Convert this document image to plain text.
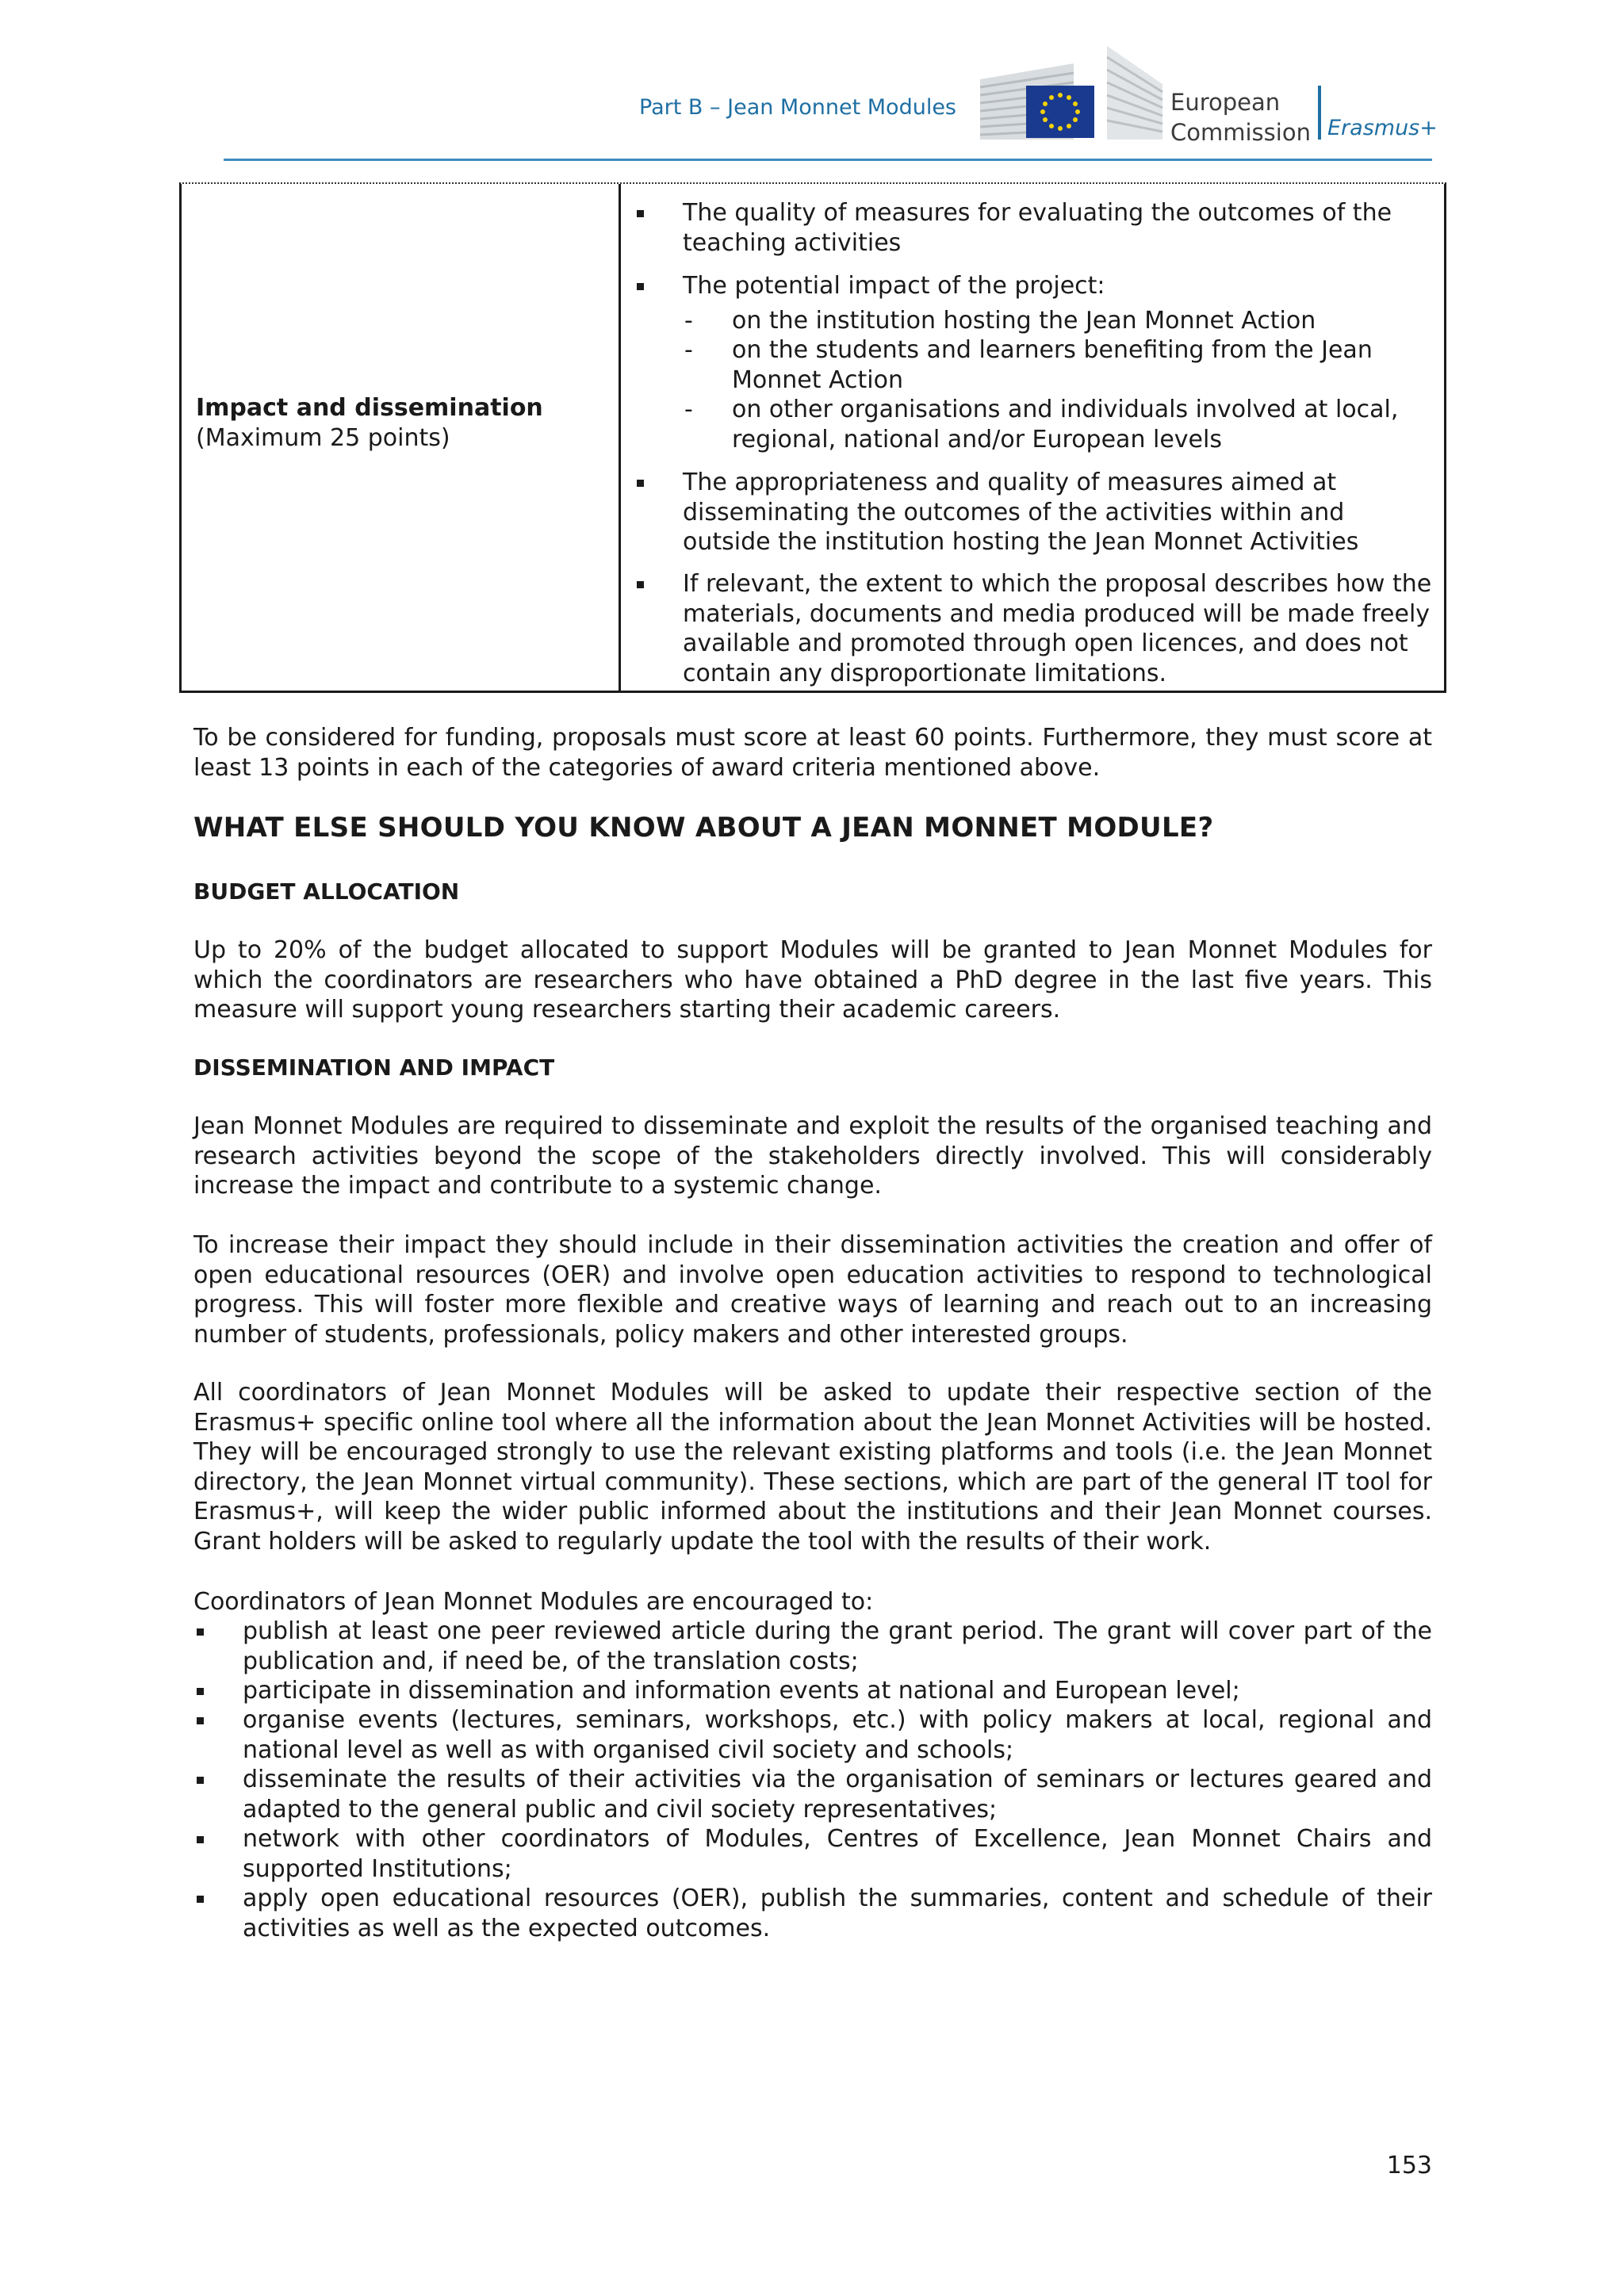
Part B – Jean Monnet Modules	European
Commission Erasmus+
Impact and dissemination
(Maximum 25 points)
The quality of measures for evaluating the outcomes of the teaching activities
The potential impact of the project:
- on the institution hosting the Jean Monnet Action
- on the students and learners benefiting from the Jean Monnet Action
- on other organisations and individuals involved at local, regional, national and/or European levels
The appropriateness and quality of measures aimed at disseminating the outcomes of the activities within and outside the institution hosting the Jean Monnet Activities
If relevant, the extent to which the proposal describes how the materials, documents and media produced will be made freely available and promoted through open licences, and does not contain any disproportionate limitations.
To be considered for funding, proposals must score at least 60 points. Furthermore, they must score at least 13 points in each of the categories of award criteria mentioned above.
WHAT ELSE SHOULD YOU KNOW ABOUT A JEAN MONNET MODULE?
BUDGET ALLOCATION
Up to 20% of the budget allocated to support Modules will be granted to Jean Monnet Modules for which the coordinators are researchers who have obtained a PhD degree in the last five years. This measure will support young researchers starting their academic careers.
DISSEMINATION AND IMPACT
Jean Monnet Modules are required to disseminate and exploit the results of the organised teaching and research activities beyond the scope of the stakeholders directly involved. This will considerably increase the impact and contribute to a systemic change.
To increase their impact they should include in their dissemination activities the creation and offer of open educational resources (OER) and involve open education activities to respond to technological progress. This will foster more flexible and creative ways of learning and reach out to an increasing number of students, professionals, policy makers and other interested groups.
All coordinators of Jean Monnet Modules will be asked to update their respective section of the Erasmus+ specific online tool where all the information about the Jean Monnet Activities will be hosted. They will be encouraged strongly to use the relevant existing platforms and tools (i.e. the Jean Monnet directory, the Jean Monnet virtual community). These sections, which are part of the general IT tool for Erasmus+, will keep the wider public informed about the institutions and their Jean Monnet courses. Grant holders will be asked to regularly update the tool with the results of their work.
Coordinators of Jean Monnet Modules are encouraged to:
publish at least one peer reviewed article during the grant period. The grant will cover part of the publication and, if need be, of the translation costs;
participate in dissemination and information events at national and European level;
organise events (lectures, seminars, workshops, etc.) with policy makers at local, regional and national level as well as with organised civil society and schools;
disseminate the results of their activities via the organisation of seminars or lectures geared and adapted to the general public and civil society representatives;
network with other coordinators of Modules, Centres of Excellence, Jean Monnet Chairs and supported Institutions;
apply open educational resources (OER), publish the summaries, content and schedule of their activities as well as the expected outcomes.
153
